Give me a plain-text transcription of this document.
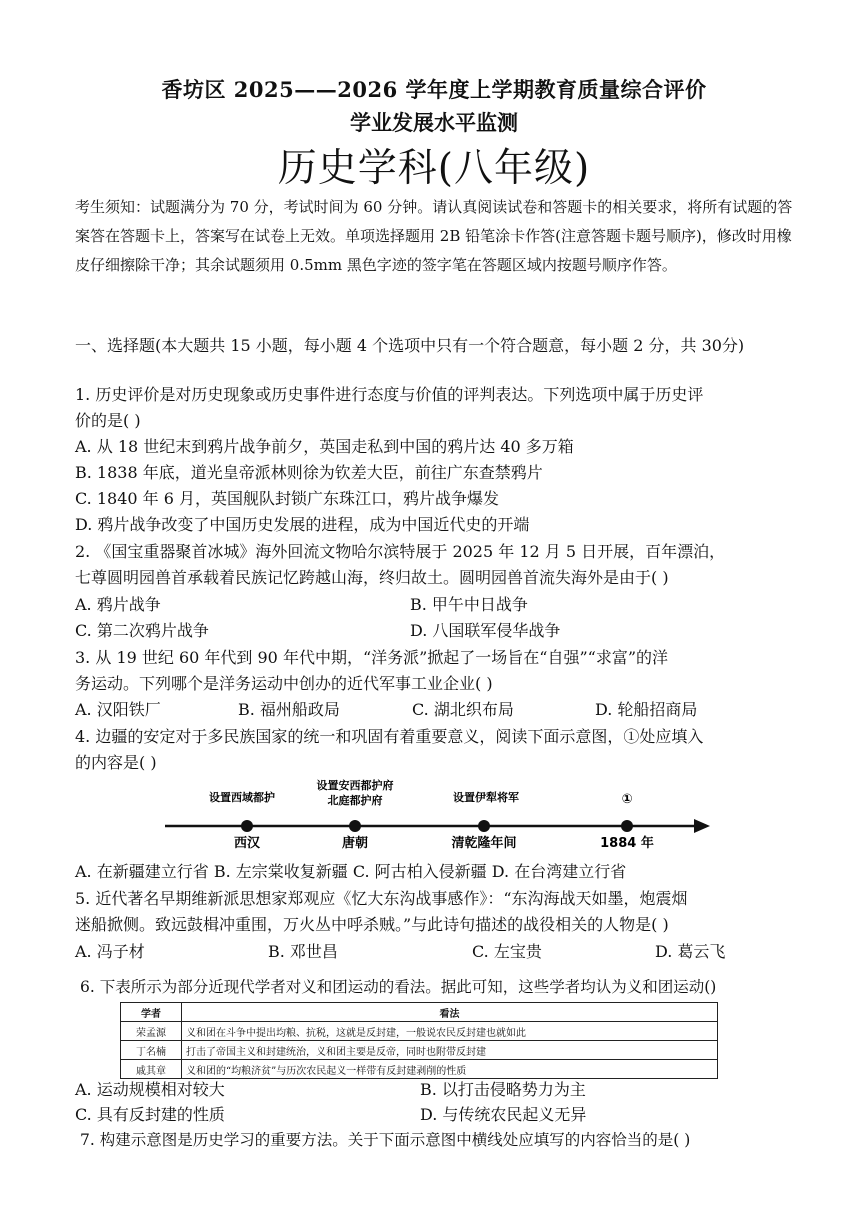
香坊区 2025——2026 学年度上学期教育质量综合评价
学业发展水平监测
历史学科(八年级)
考生须知：试题满分为 70 分，考试时间为 60 分钟。请认真阅读试卷和答题卡的相关要求，将所有试题的答案答在答题卡上，答案写在试卷上无效。单项选择题用 2B 铅笔涂卡作答(注意答题卡题号顺序)，修改时用橡皮仔细擦除干净；其余试题须用 0.5mm 黑色字迹的签字笔在答题区域内按题号顺序作答。
一、选择题(本大题共 15 小题，每小题 4 个选项中只有一个符合题意，每小题 2 分，共 30分)
1. 历史评价是对历史现象或历史事件进行态度与价值的评判表达。下列选项中属于历史评
价的是( )
A. 从 18 世纪末到鸦片战争前夕，英国走私到中国的鸦片达 40 多万箱
B. 1838 年底，道光皇帝派林则徐为钦差大臣，前往广东查禁鸦片
C. 1840 年 6 月，英国舰队封锁广东珠江口，鸦片战争爆发
D. 鸦片战争改变了中国历史发展的进程，成为中国近代史的开端
2. 《国宝重器聚首冰城》海外回流文物哈尔滨特展于 2025 年 12 月 5 日开展，百年漂泊，
七尊圆明园兽首承载着民族记忆跨越山海，终归故土。圆明园兽首流失海外是由于( )
A. 鸦片战争	B. 甲午中日战争
C. 第二次鸦片战争	D. 八国联军侵华战争
3. 从 19 世纪 60 年代到 90 年代中期，“洋务派”掀起了一场旨在“自强”“求富”的洋
务运动。下列哪个是洋务运动中创办的近代军事工业企业( )
A. 汉阳铁厂	B. 福州船政局	C. 湖北织布局	D. 轮船招商局
4. 边疆的安定对于多民族国家的统一和巩固有着重要意义，阅读下面示意图，①处应填入
的内容是( )
设置西域都护
西汉
设置安西都护府
北庭都护府
唐朝
设置伊犁将军
清乾隆年间
①
1884 年
A. 在新疆建立行省 B. 左宗棠收复新疆 C. 阿古柏入侵新疆 D. 在台湾建立行省
5. 近代著名早期维新派思想家郑观应《忆大东沟战事感作》：“东沟海战天如墨，炮震烟
迷船掀侧。致远鼓楫冲重围，万火丛中呼杀贼。”与此诗句描述的战役相关的人物是( )
A. 冯子材	B. 邓世昌	C. 左宝贵	D. 葛云飞
6. 下表所示为部分近现代学者对义和团运动的看法。据此可知，这些学者均认为义和团运动()
学者	看法
荣孟源	义和团在斗争中提出均粮、抗税，这就是反封建，一般说农民反封建也就如此
丁名楠	打击了帝国主义和封建统治，义和团主要是反帝，同时也附带反封建
戚其章	义和团的“均粮济贫”与历次农民起义一样带有反封建剥削的性质
A. 运动规模相对较大	B. 以打击侵略势力为主
C. 具有反封建的性质	D. 与传统农民起义无异
7. 构建示意图是历史学习的重要方法。关于下面示意图中横线处应填写的内容恰当的是( )
